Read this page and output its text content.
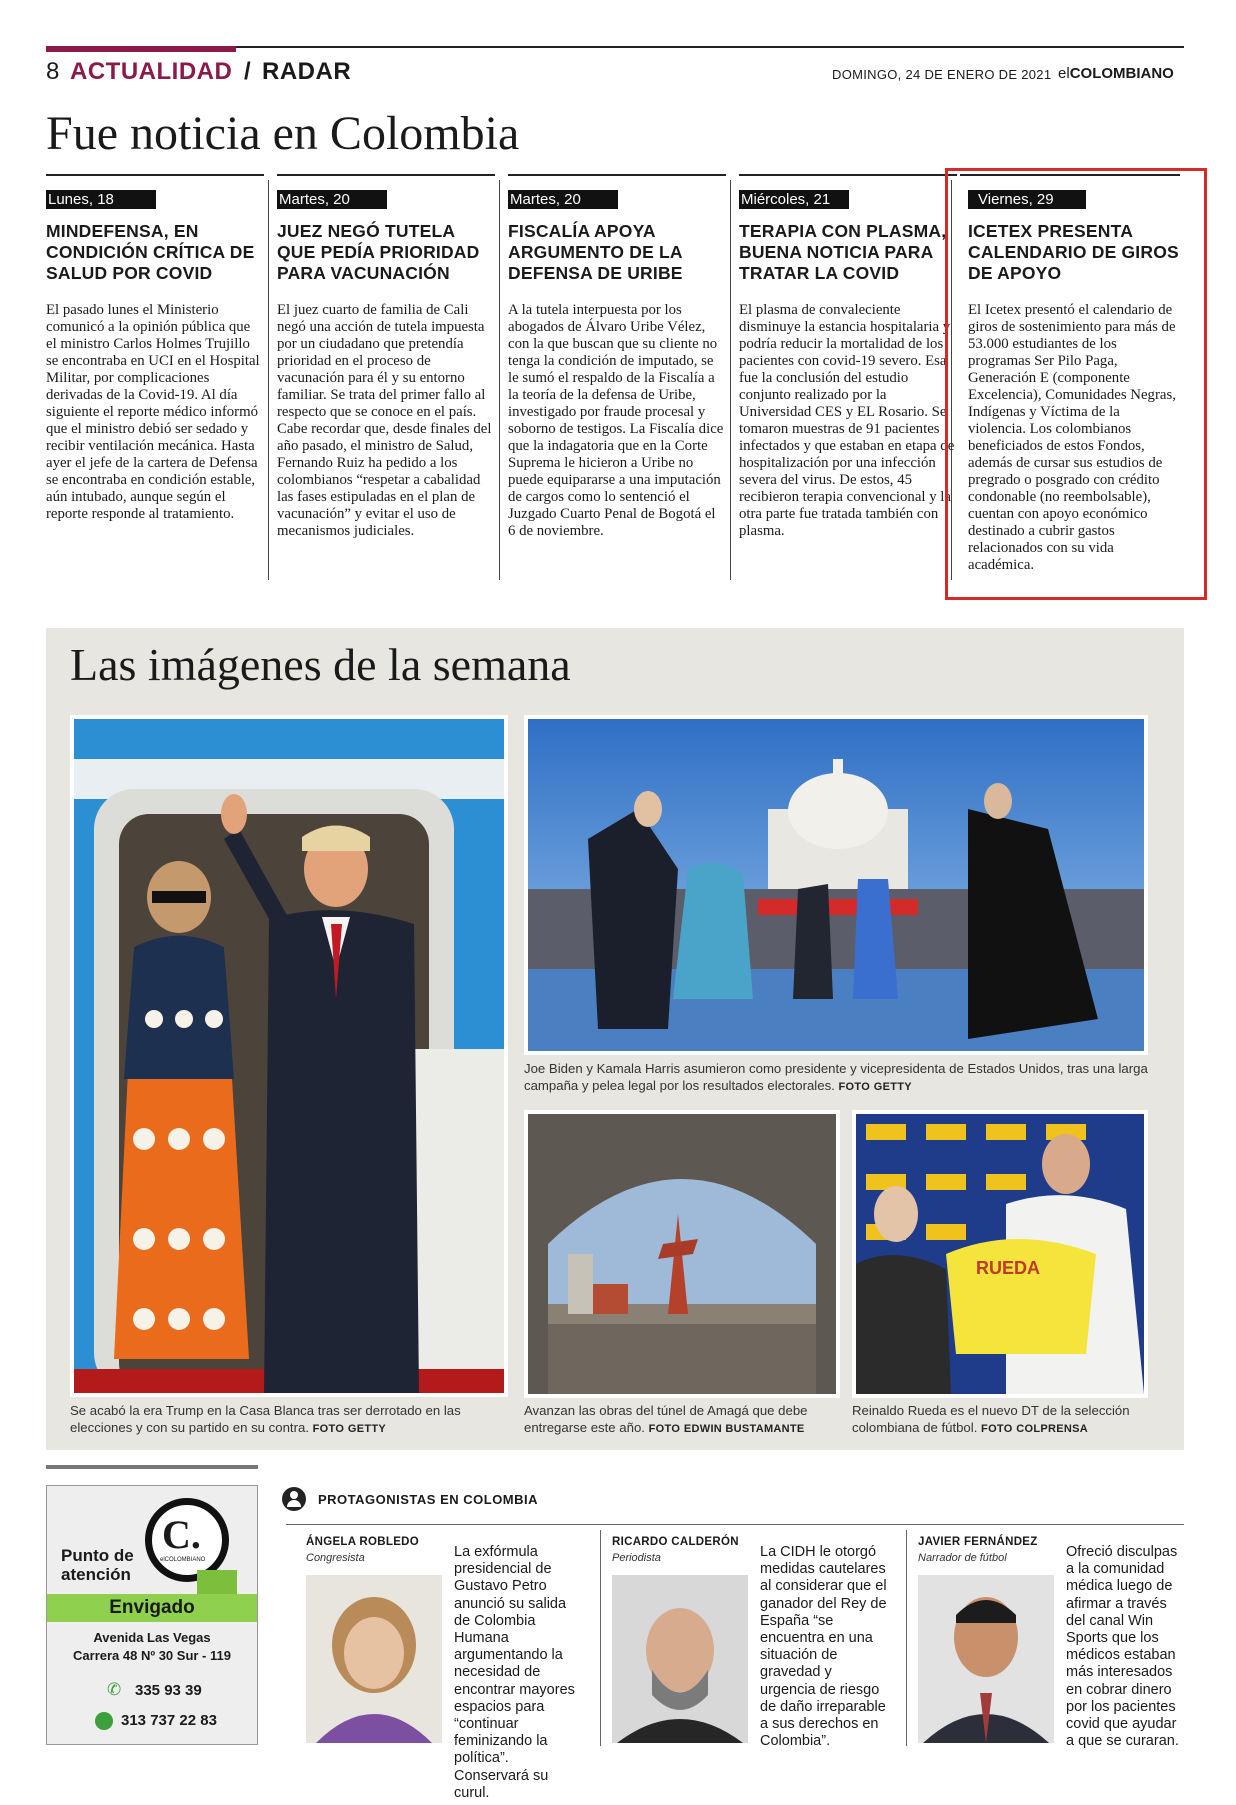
8 ACTUALIDAD / RADAR	DOMINGO, 24 DE ENERO DE 2021 elCOLOMBIANO
Fue noticia en Colombia
Lunes, 18
MINDEFENSA, EN CONDICIÓN CRÍTICA DE SALUD POR COVID

El pasado lunes el Ministerio comunicó a la opinión pública que el ministro Carlos Holmes Trujillo se encontraba en UCI en el Hospital Militar, por complicaciones derivadas de la Covid-19. Al día siguiente el reporte médico informó que el ministro debió ser sedado y recibir ventilación mecánica. Hasta ayer el jefe de la cartera de Defensa se encontraba en condición estable, aún intubado, aunque según el reporte responde al tratamiento.

Martes, 20
JUEZ NEGÓ TUTELA QUE PEDÍA PRIORIDAD PARA VACUNACIÓN

El juez cuarto de familia de Cali negó una acción de tutela impuesta por un ciudadano que pretendía prioridad en el proceso de vacunación para él y su entorno familiar. Se trata del primer fallo al respecto que se conoce en el país. Cabe recordar que, desde finales del año pasado, el ministro de Salud, Fernando Ruiz ha pedido a los colombianos “respetar a cabalidad las fases estipuladas en el plan de vacunación” y evitar el uso de mecanismos judiciales.

Martes, 20
FISCALÍA APOYA ARGUMENTO DE LA DEFENSA DE URIBE

A la tutela interpuesta por los abogados de Álvaro Uribe Vélez, con la que buscan que su cliente no tenga la condición de imputado, se le sumó el respaldo de la Fiscalía a la teoría de la defensa de Uribe, investigado por fraude procesal y soborno de testigos. La Fiscalía dice que la indagatoria que en la Corte Suprema le hicieron a Uribe no puede equipararse a una imputación de cargos como lo sentenció el Juzgado Cuarto Penal de Bogotá el 6 de noviembre.

Miércoles, 21
TERAPIA CON PLASMA, BUENA NOTICIA PARA TRATAR LA COVID

El plasma de convaleciente disminuye la estancia hospitalaria y podría reducir la mortalidad de los pacientes con covid-19 severo. Esa fue la conclusión del estudio conjunto realizado por la Universidad CES y EL Rosario. Se tomaron muestras de 91 pacientes infectados y que estaban en etapa de hospitalización por una infección severa del virus. De estos, 45 recibieron terapia convencional y la otra parte fue tratada también con plasma.

Viernes, 29
ICETEX PRESENTA CALENDARIO DE GIROS DE APOYO

El Icetex presentó el calendario de giros de sostenimiento para más de 53.000 estudiantes de los programas Ser Pilo Paga, Generación E (componente Excelencia), Comunidades Negras, Indígenas y Víctima de la violencia. Los colombianos beneficiados de estos Fondos, además de cursar sus estudios de pregrado o posgrado con crédito condonable (no reembolsable), cuentan con apoyo económico destinado a cubrir gastos relacionados con su vida académica.

Las imágenes de la semana
Se acabó la era Trump en la Casa Blanca tras ser derrotado en las elecciones y con su partido en su contra. FOTO GETTY
Joe Biden y Kamala Harris asumieron como presidente y vicepresidenta de Estados Unidos, tras una larga campaña y pelea legal por los resultados electorales. FOTO GETTY
Avanzan las obras del túnel de Amagá que debe entregarse este año. FOTO EDWIN BUSTAMANTE
RUEDA
Reinaldo Rueda es el nuevo DT de la selección colombiana de fútbol. FOTO COLPRENSA
Punto de atención
C.
elCOLOMBIANO
Envigado
Avenida Las Vegas
Carrera 48 Nº 30 Sur - 119
✆ 335 93 39
313 737 22 83
PROTAGONISTAS EN COLOMBIA
ÁNGELA ROBLEDO
Congresista	La exfórmula presidencial de Gustavo Petro anunció su salida de Colombia Humana argumentando la necesidad de encontrar mayores espacios para “continuar feminizando la política”. Conservará su curul.
RICARDO CALDERÓN
Periodista	La CIDH le otorgó medidas cautelares al considerar que el ganador del Rey de España “se encuentra en una situación de gravedad y urgencia de riesgo de daño irreparable a sus derechos en Colombia”.
JAVIER FERNÁNDEZ
Narrador de fútbol	Ofreció disculpas a la comunidad médica luego de afirmar a través del canal Win Sports que los médicos estaban más interesados en cobrar dinero por los pacientes covid que ayudar a que se curaran.
